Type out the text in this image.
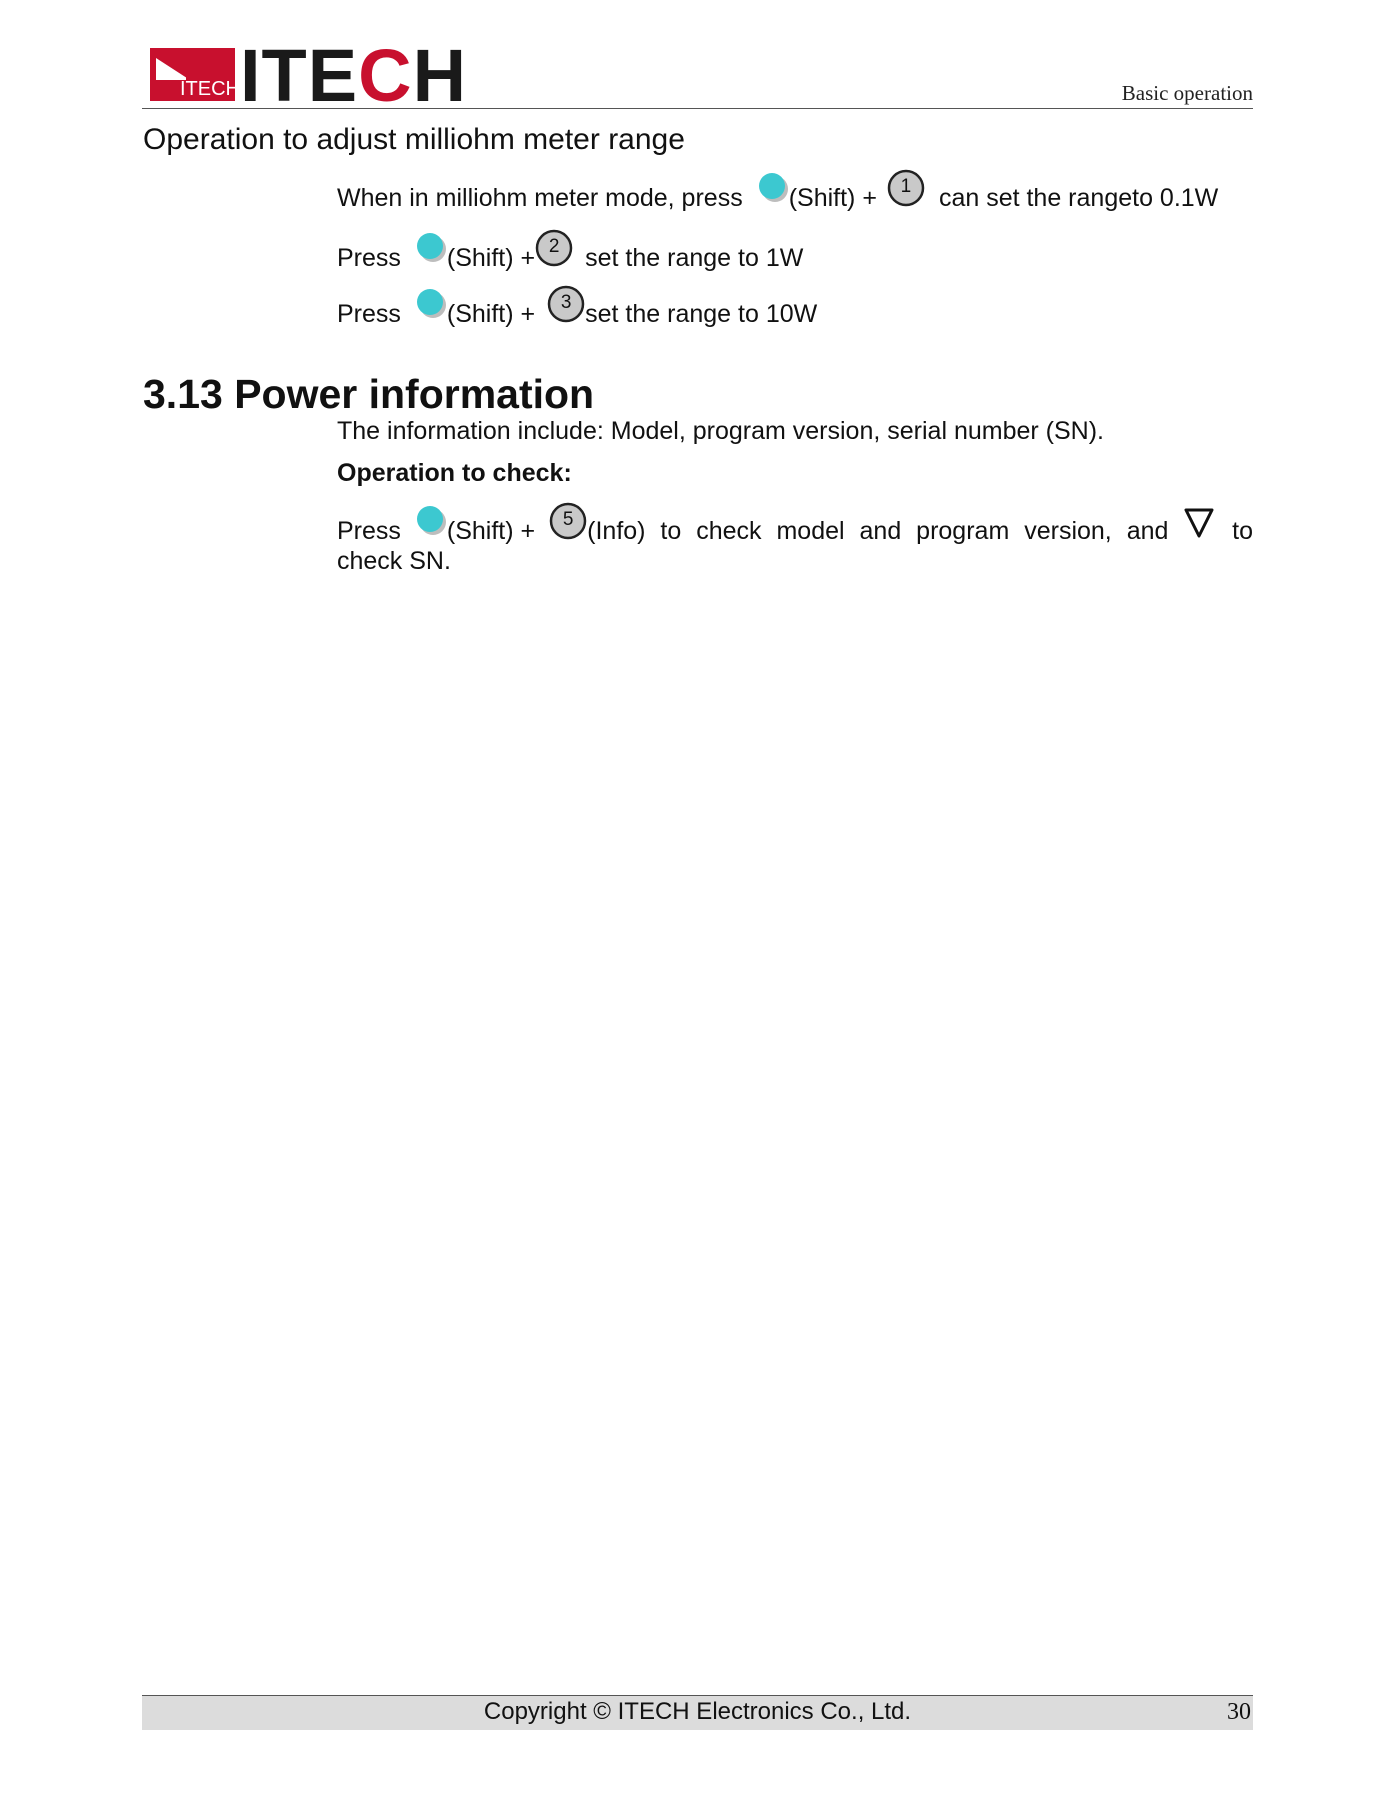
ITECH ITECH	Basic operation
Operation to adjust milliohm meter range
When in milliohm meter mode, press (Shift) +	1	can set the rangeto 0.1W
Press (Shift) + 2	set the range to 1W
Press (Shift) +	3 set the range to 10W
3.13 Power information
The information include: Model, program version, serial number (SN).
Operation to check:
Press (Shift) +	5 (Info) to check model and program version, and	to
check SN.
Copyright © ITECH Electronics Co., Ltd.	30
